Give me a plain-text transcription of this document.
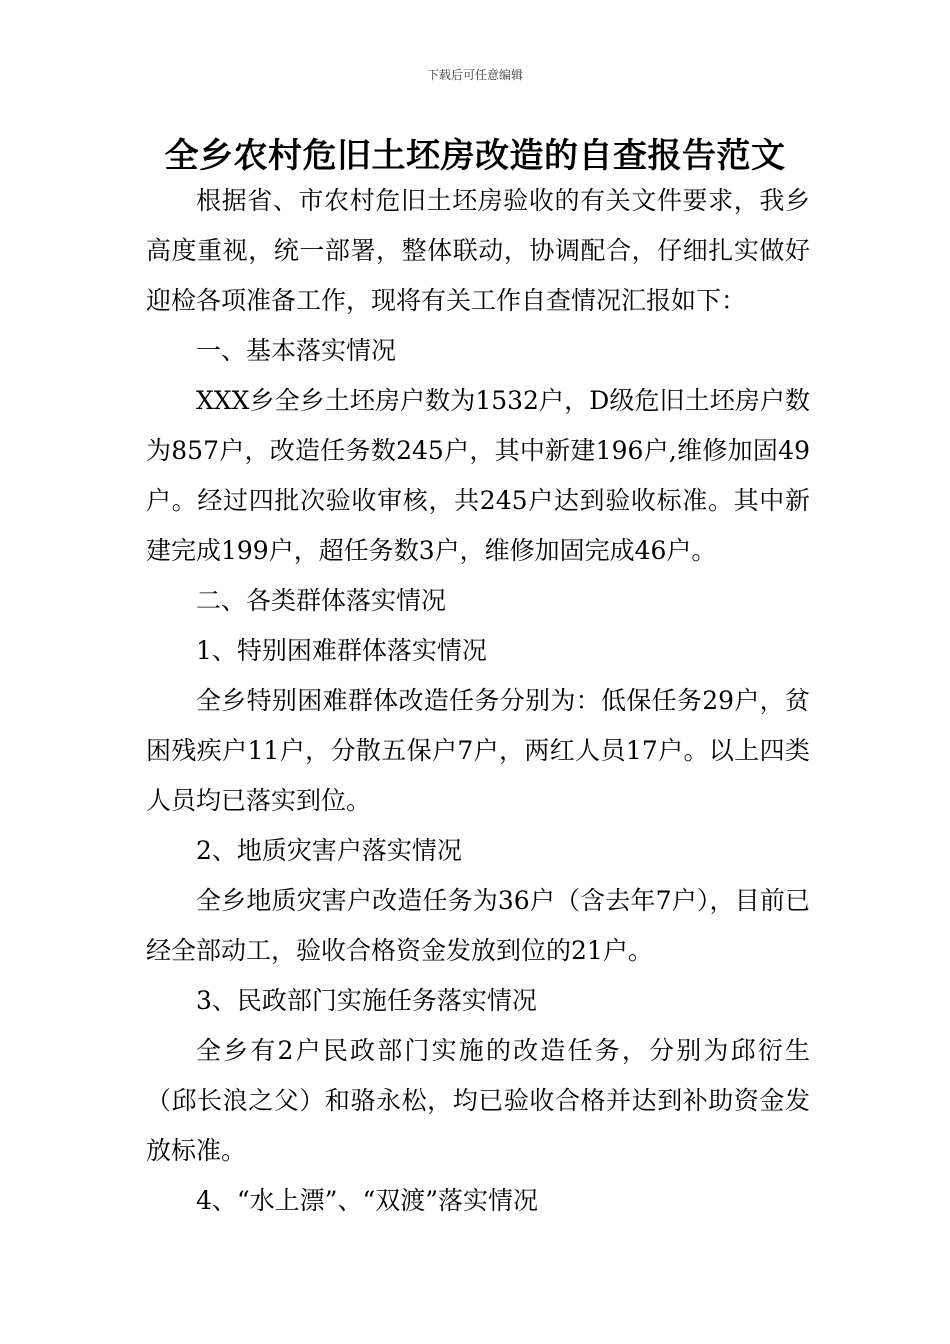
下载后可任意编辑
全乡农村危旧土坯房改造的自查报告范文

根据省、市农村危旧土坯房验收的有关文件要求，我乡高度重视，统一部署，整体联动，协调配合，仔细扎实做好迎检各项准备工作，现将有关工作自查情况汇报如下：

一、基本落实情况

XXX乡全乡土坯房户数为1532户，D级危旧土坯房户数为857户，改造任务数245户，其中新建196户,维修加固49户。经过四批次验收审核，共245户达到验收标准。其中新建完成199户，超任务数3户，维修加固完成46户。

二、各类群体落实情况

1、特别困难群体落实情况

全乡特别困难群体改造任务分别为：低保任务29户，贫困残疾户11户，分散五保户7户，两红人员17户。以上四类人员均已落实到位。

2、地质灾害户落实情况

全乡地质灾害户改造任务为36户（含去年7户），目前已经全部动工，验收合格资金发放到位的21户。

3、民政部门实施任务落实情况

全乡有2户民政部门实施的改造任务，分别为邱衍生（邱长浪之父）和骆永松，均已验收合格并达到补助资金发放标准。

4、“水上漂”、“双渡”落实情况
